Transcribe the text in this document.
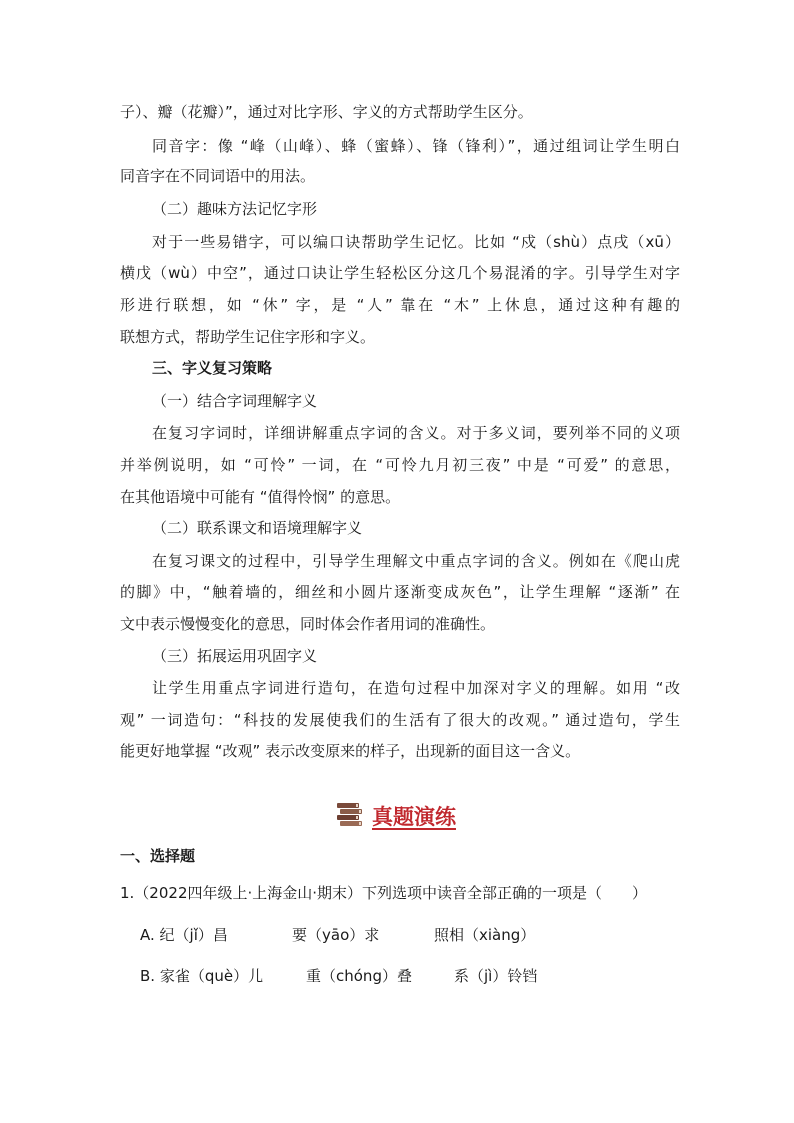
子）、瓣（花瓣）”，通过对比字形、字义的方式帮助学生区分。
同音字：像 “峰（山峰）、蜂（蜜蜂）、锋（锋利）”，通过组词让学生明白
同音字在不同词语中的用法。
（二）趣味方法记忆字形
对于一些易错字，可以编口诀帮助学生记忆。比如 “戍（shù）点戌（xū）
横戊（wù）中空”，通过口诀让学生轻松区分这几个易混淆的字。引导学生对字
形进行联想，如 “休” 字，是 “人” 靠在 “木” 上休息，通过这种有趣的
联想方式，帮助学生记住字形和字义。
三、字义复习策略
（一）结合字词理解字义
在复习字词时，详细讲解重点字词的含义。对于多义词，要列举不同的义项
并举例说明，如 “可怜” 一词，在 “可怜九月初三夜” 中是 “可爱” 的意思，
在其他语境中可能有 “值得怜悯” 的意思。
（二）联系课文和语境理解字义
在复习课文的过程中，引导学生理解文中重点字词的含义。例如在《爬山虎
的脚》中，“触着墙的，细丝和小圆片逐渐变成灰色”，让学生理解 “逐渐” 在
文中表示慢慢变化的意思，同时体会作者用词的准确性。
（三）拓展运用巩固字义
让学生用重点字词进行造句，在造句过程中加深对字义的理解。如用 “改
观” 一词造句：“科技的发展使我们的生活有了很大的改观。” 通过造句，学生
能更好地掌握 “改观” 表示改变原来的样子，出现新的面目这一含义。
真题演练
一、选择题
1.（2022四年级上·上海金山·期末）下列选项中读音全部正确的一项是（　　）
A. 纪（jǐ）昌	要（yāo）求	照相（xiàng）
B. 家雀（què）儿	重（chóng）叠	系（jì）铃铛
